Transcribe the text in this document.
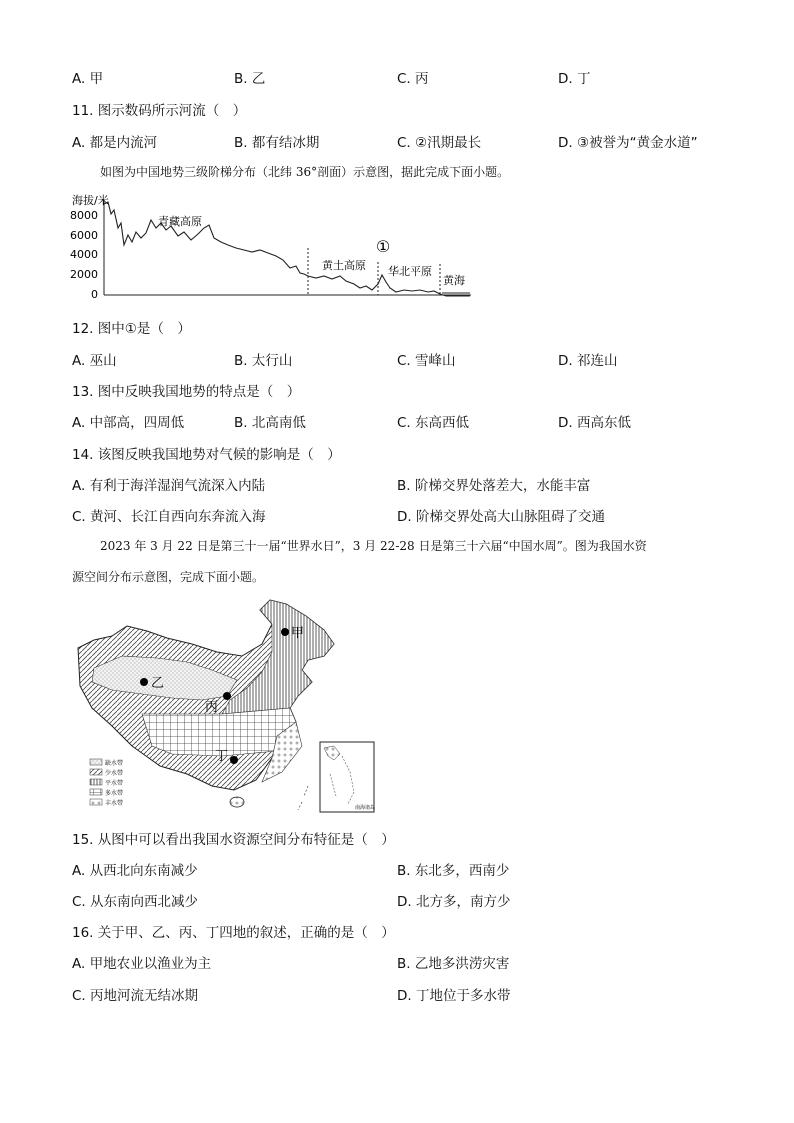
A. 甲	B. 乙	C. 丙	D. 丁
11. 图示数码所示河流（　）
A. 都是内流河	B. 都有结冰期	C. ②汛期最长	D. ③被誉为“黄金水道”
如图为中国地势三级阶梯分布（北纬 36°剖面）示意图，据此完成下面小题。
海拔/米
8000
6000
4000
2000
0
青藏高原
黄土高原 华北平原
黄海
①
12. 图中①是（　）
A. 巫山	B. 太行山	C. 雪峰山	D. 祁连山
13. 图中反映我国地势的特点是（　）
A. 中部高，四周低	B. 北高南低	C. 东高西低	D. 西高东低
14. 该图反映我国地势对气候的影响是（　）
A. 有利于海洋湿润气流深入内陆	B. 阶梯交界处落差大，水能丰富
C. 黄河、长江自西向东奔流入海	D. 阶梯交界处高大山脉阻碍了交通
2023 年 3 月 22 日是第三十一届“世界水日”，3 月 22-28 日是第三十六届“中国水周”。图为我国水资
源空间分布示意图，完成下面小题。
甲
乙
丙
丁
缺水带
少水带
平水带
多水带
丰水带
南海诸岛
15. 从图中可以看出我国水资源空间分布特征是（　）
A. 从西北向东南减少	B. 东北多，西南少
C. 从东南向西北减少	D. 北方多，南方少
16. 关于甲、乙、丙、丁四地的叙述，正确的是（　）
A. 甲地农业以渔业为主	B. 乙地多洪涝灾害
C. 丙地河流无结冰期	D. 丁地位于多水带
